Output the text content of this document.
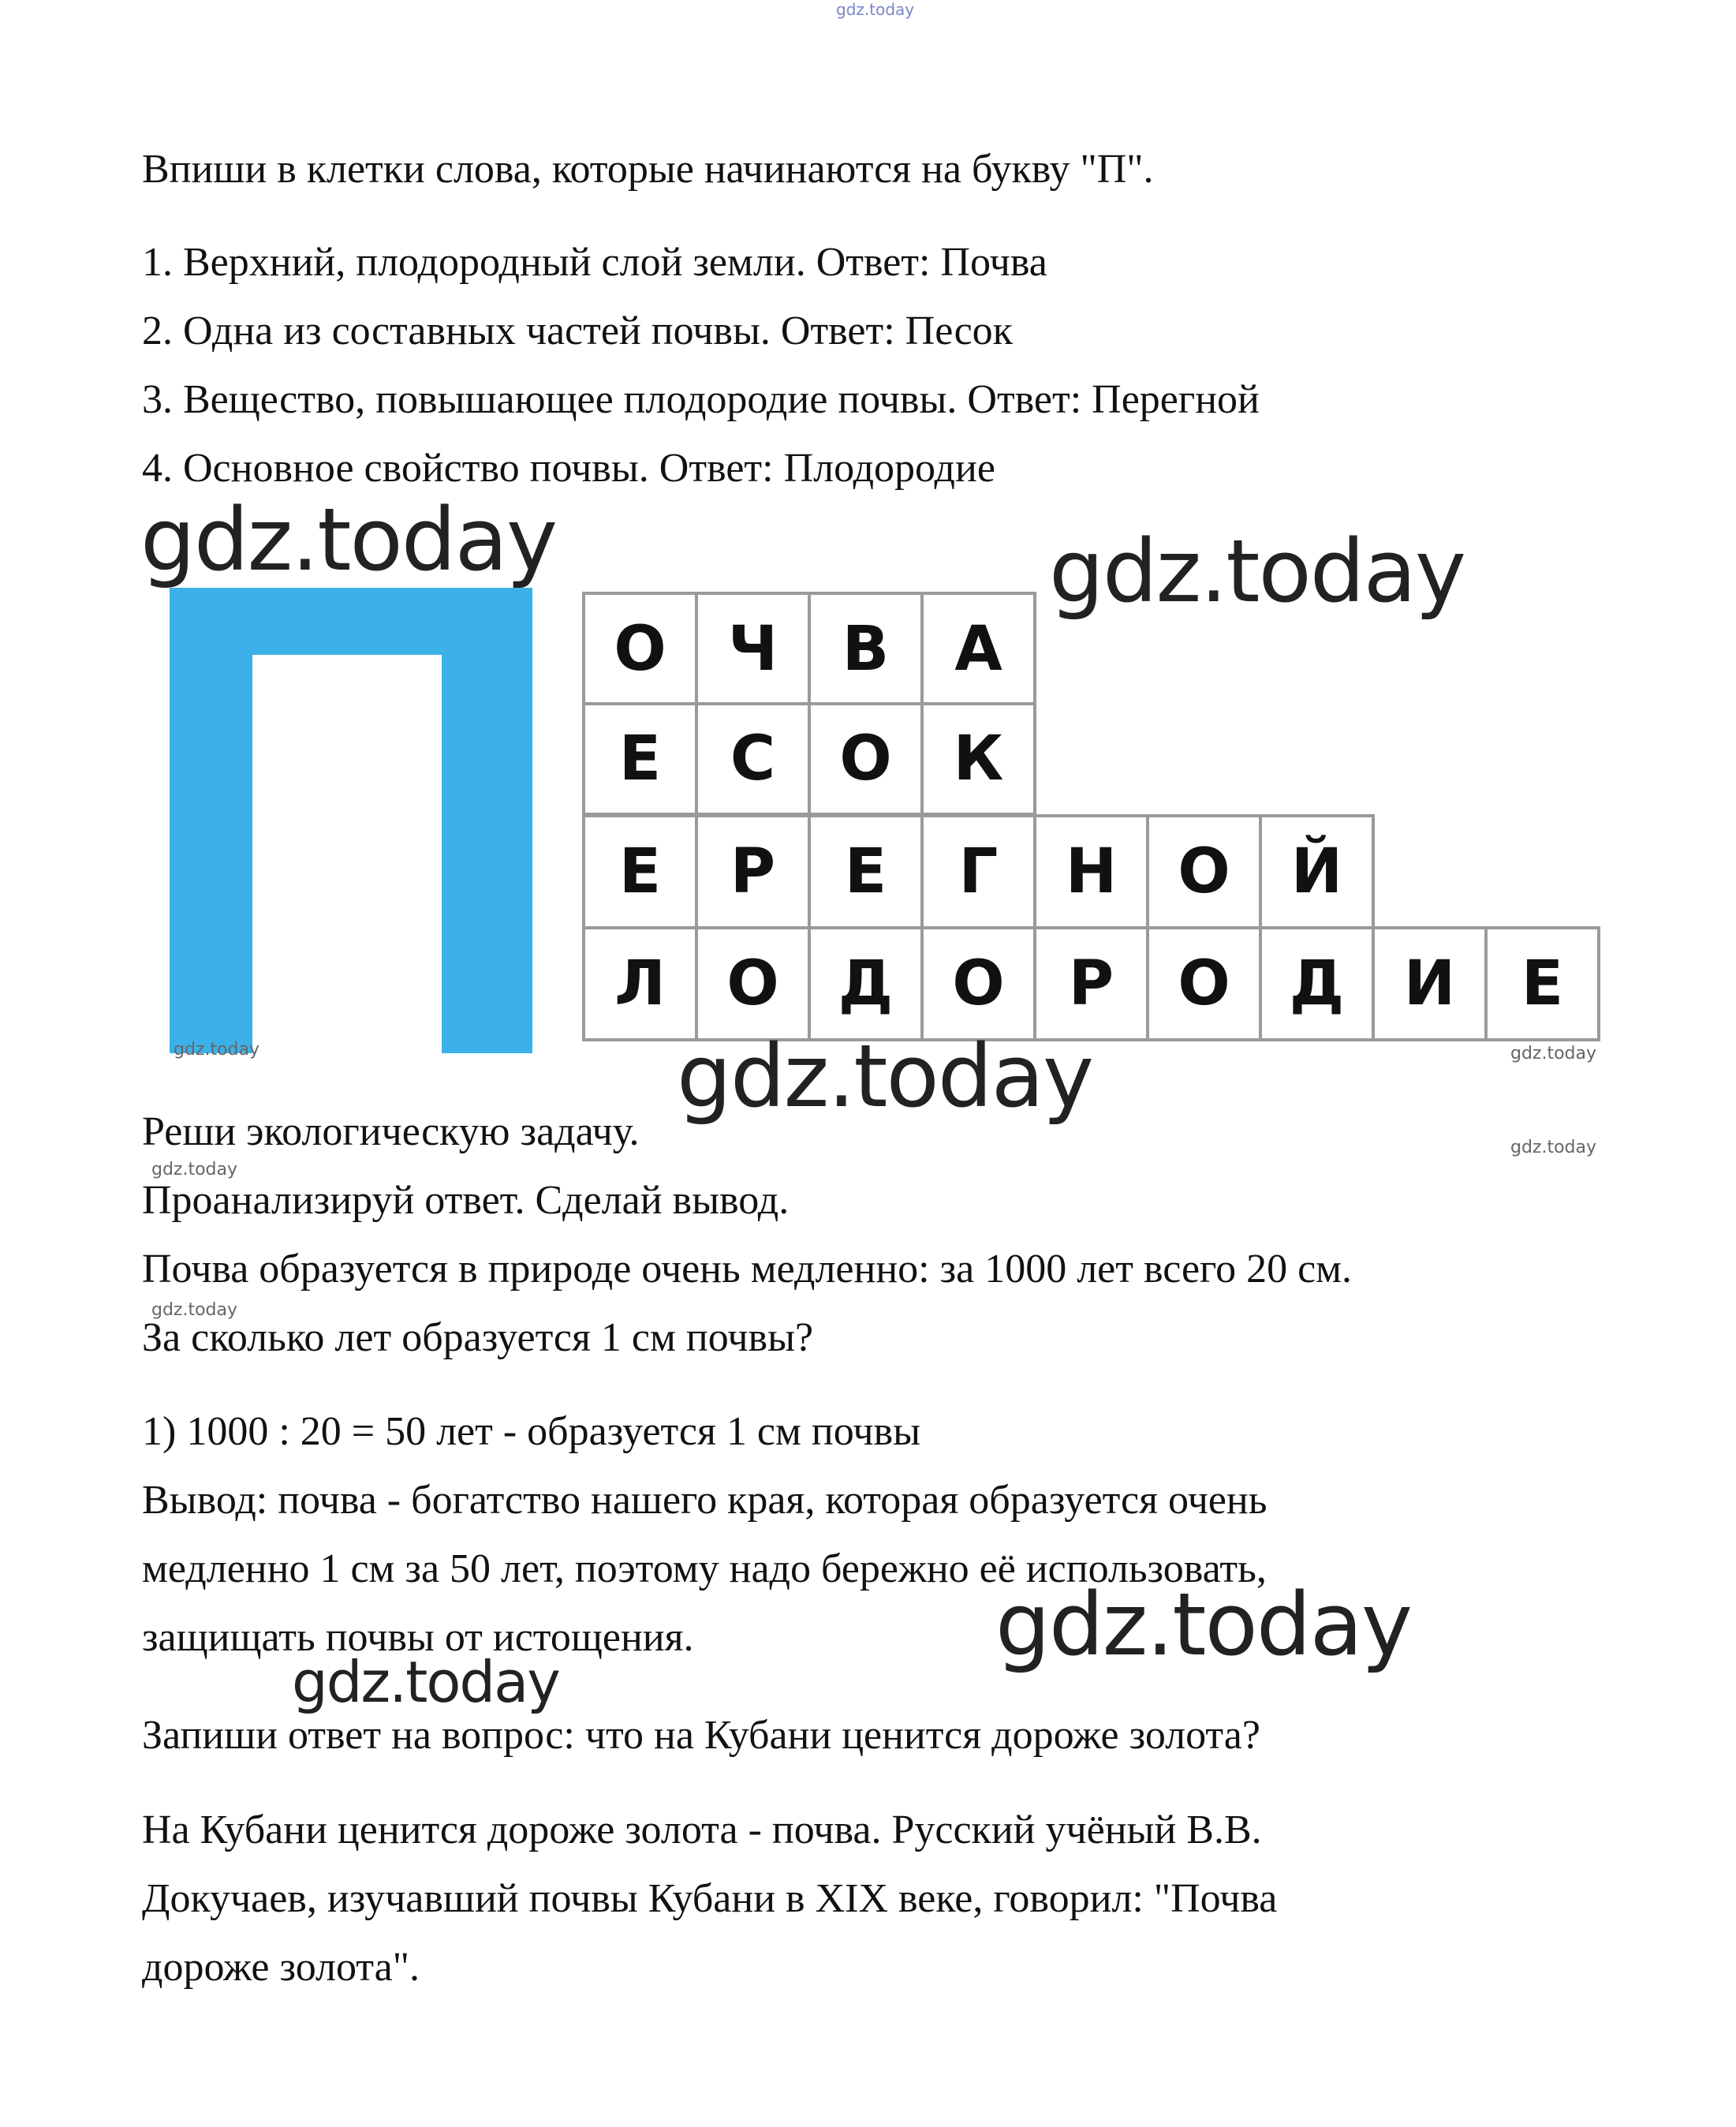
gdz.today

Впиши в клетки слова, которые начинаются на букву "П".

1. Верхний, плодородный слой земли. Ответ: Почва

2. Одна из составных частей почвы. Ответ: Песок

3. Вещество, повышающее плодородие почвы. Ответ: Перегной

4. Основное свойство почвы. Ответ: Плодородие

О	Ч	В	А
Е	С	О К
Е	Р	Е	Г	Н О Й
Л О Д О	Р	О Д И	Е

Реши экологическую задачу.

Проанализируй ответ. Сделай вывод.

Почва образуется в природе очень медленно: за 1000 лет всего 20 см.

За сколько лет образуется 1 см почвы?

1) 1000 : 20 = 50 лет - образуется 1 см почвы

Вывод: почва - богатство нашего края, которая образуется очень

медленно 1 см за 50 лет, поэтому надо бережно её использовать,

защищать почвы от истощения.

Запиши ответ на вопрос: что на Кубани ценится дороже золота?

На Кубани ценится дороже золота - почва. Русский учёный В.В.

Докучаев, изучавший почвы Кубани в XIX веке, говорил: "Почва

дороже золота".

gdz.today	gdz.today
gdz.today
gdz.today
gdz.today
gdz.today	gdz.today
gdz.today
gdz.today
gdz.today
